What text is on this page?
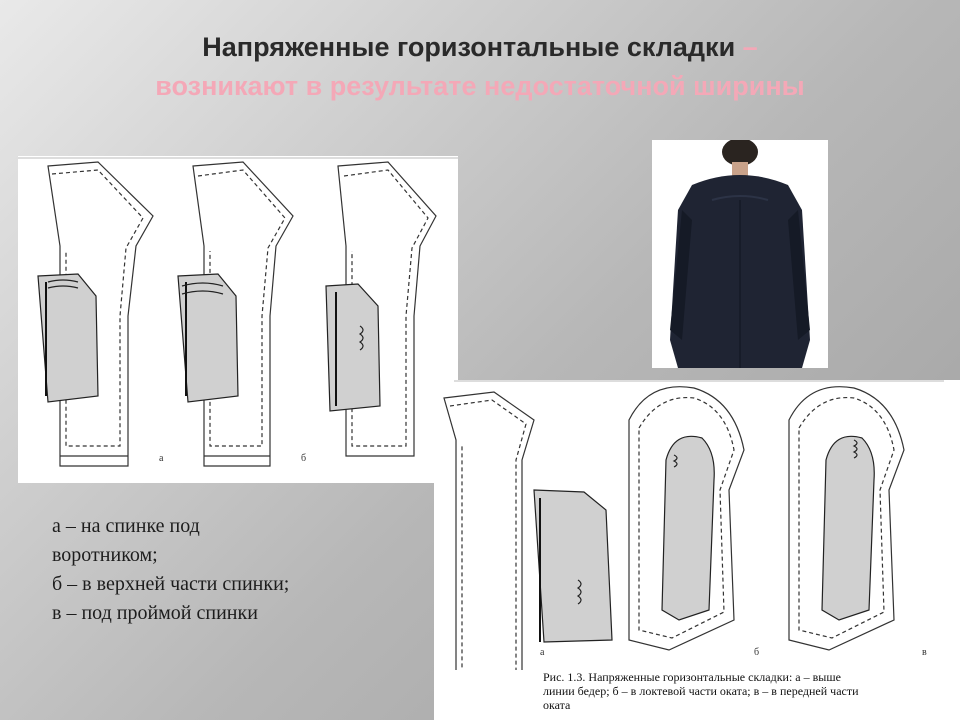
Напряженные горизонтальные складки –
возникают в результате недостаточной ширины
а	б
а – на спинке под
воротником;
б – в верхней части спинки;
в – под проймой спинки
а	б	в
Рис. 1.3. Напряженные горизонтальные складки: а – выше
линии бедер; б – в локтевой части оката; в – в передней части
оката
